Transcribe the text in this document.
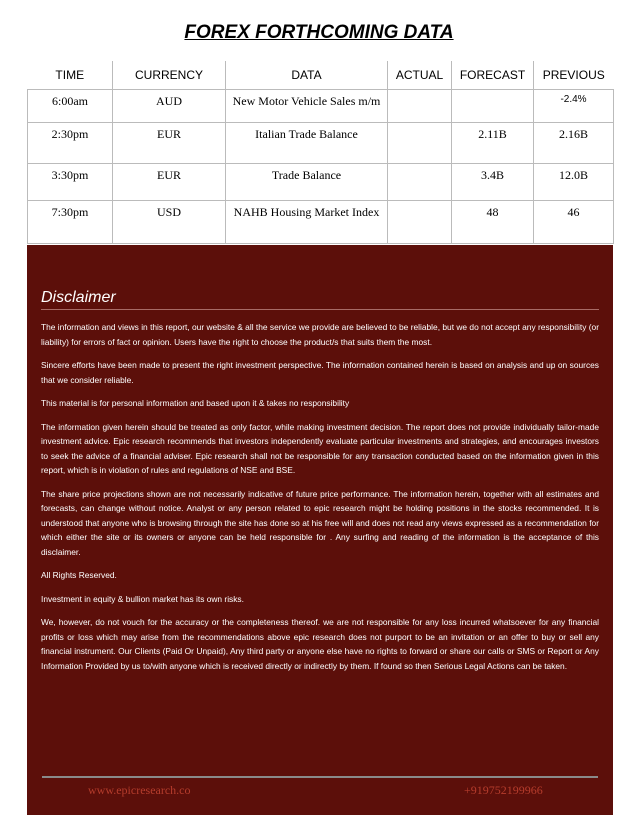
FOREX FORTHCOMING DATA
TIME	CURRENCY	DATA	ACTUAL	FORECAST	PREVIOUS
6:00am	AUD	New Motor Vehicle Sales m/m			-2.4%
2:30pm	EUR	Italian Trade Balance		2.11B	2.16B
3:30pm	EUR	Trade Balance		3.4B	12.0B
7:30pm	USD	NAHB Housing Market Index		48	46
Disclaimer

The information and views in this report, our website & all the service we provide are believed to be reliable, but we do not accept any responsibility (or liability) for errors of fact or opinion. Users have the right to choose the product/s that suits them the most.

Sincere efforts have been made to present the right investment perspective. The information contained herein is based on analysis and up on sources that we consider reliable.

This material is for personal information and based upon it & takes no responsibility

The information given herein should be treated as only factor, while making investment decision. The report does not provide individually tailor-made investment advice. Epic research recommends that investors independently evaluate particular investments and strategies, and encourages investors to seek the advice of a financial adviser. Epic research shall not be responsible for any transaction conducted based on the information given in this report, which is in violation of rules and regulations of NSE and BSE.

The share price projections shown are not necessarily indicative of future price performance. The information herein, together with all estimates and forecasts, can change without notice. Analyst or any person related to epic research might be holding positions in the stocks recommended. It is understood that anyone who is browsing through the site has done so at his free will and does not read any views expressed as a recommendation for which either the site or its owners or anyone can be held responsible for . Any surfing and reading of the information is the acceptance of this disclaimer.

All Rights Reserved.

Investment in equity & bullion market has its own risks.

We, however, do not vouch for the accuracy or the completeness thereof. we are not responsible for any loss incurred whatsoever for any financial profits or loss which may arise from the recommendations above epic research does not purport to be an invitation or an offer to buy or sell any financial instrument. Our Clients (Paid Or Unpaid), Any third party or anyone else have no rights to forward or share our calls or SMS or Report or Any Information Provided by us to/with anyone which is received directly or indirectly by them. If found so then Serious Legal Actions can be taken.

www.epicresearch.co	+919752199966
